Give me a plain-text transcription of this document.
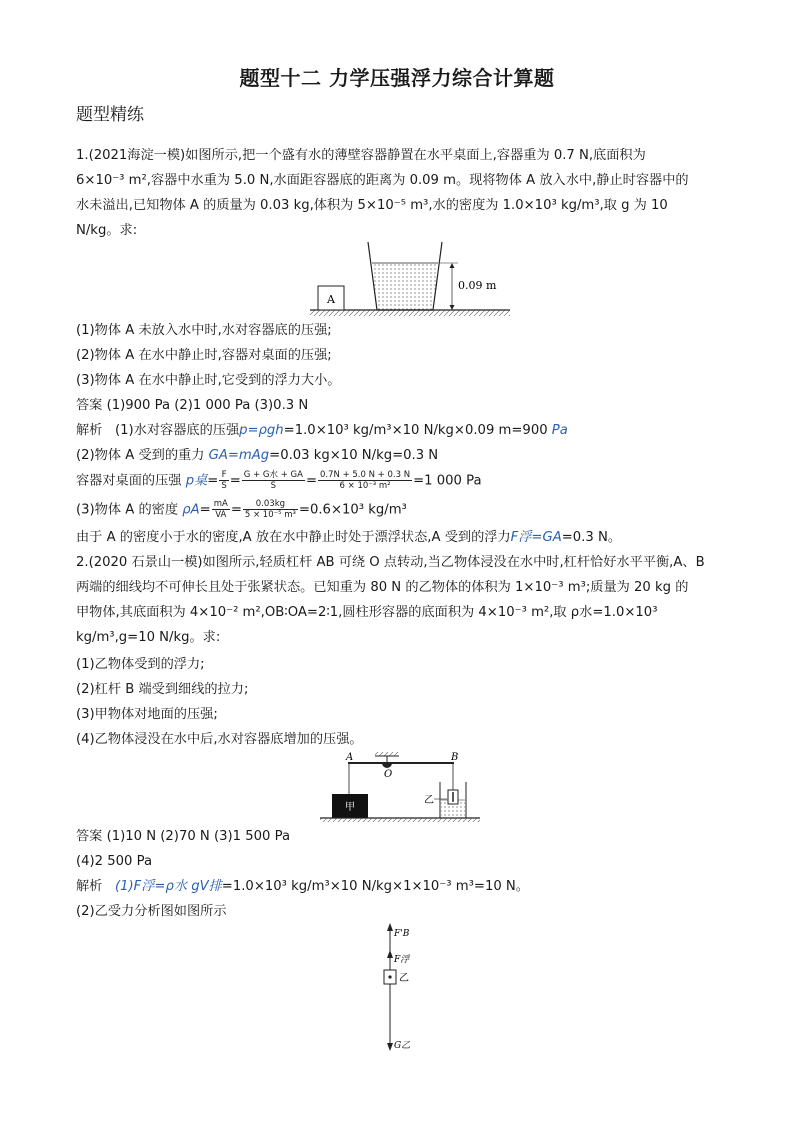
题型十二 力学压强浮力综合计算题
题型精练
1.(2021海淀一模)如图所示,把一个盛有水的薄壁容器静置在水平桌面上,容器重为 0.7 N,底面积为
6×10⁻³ m²,容器中水重为 5.0 N,水面距容器底的距离为 0.09 m。现将物体 A 放入水中,静止时容器中的
水未溢出,已知物体 A 的质量为 0.03 kg,体积为 5×10⁻⁵ m³,水的密度为 1.0×10³ kg/m³,取 g 为 10
N/kg。求:
A
0.09 m
(1)物体 A 未放入水中时,水对容器底的压强;
(2)物体 A 在水中静止时,容器对桌面的压强;
(3)物体 A 在水中静止时,它受到的浮力大小。
答案 (1)900 Pa (2)1 000 Pa (3)0.3 N
解析 (1)水对容器底的压强p=ρgh=1.0×10³ kg/m³×10 N/kg×0.09 m=900 Pa
(2)物体 A 受到的重力 GA=mAg=0.03 kg×10 N/kg=0.3 N
容器对桌面的压强 p桌= $\frac{F}{S} = \frac{\text{G + G水 + GA}}{S} = \frac{0.7N + 5.0 N + 0.3 N}{\text{6 × 10⁻³ m²}} =1$ 000 Pa
(3)物体 A 的密度 $\rho A= \frac{mA}{VA} = \frac{0.03kg}{\text{5 × 10⁻⁵ m³}} =0.6\times 10^3$ kg/m³
由于 A 的密度小于水的密度,A 放在水中静止时处于漂浮状态,A 受到的浮力F浮=GA=0.3 N。
2.(2020 石景山一模)如图所示,轻质杠杆 AB 可绕 O 点转动,当乙物体浸没在水中时,杠杆恰好水平平衡,A、B
两端的细线均不可伸长且处于张紧状态。已知重为 80 N 的乙物体的体积为 1×10⁻³ m³;质量为 20 kg 的
甲物体,其底面积为 4×10⁻² m²,OB∶OA=2∶1,圆柱形容器的底面积为 4×10⁻³ m²,取 ρ水=1.0×10³
kg/m³,g=10 N/kg。求:
(1)乙物体受到的浮力;
(2)杠杆 B 端受到细线的拉力;
(3)甲物体对地面的压强;
(4)乙物体浸没在水中后,水对容器底增加的压强。
A	B
O
甲
乙
答案 (1)10 N (2)70 N (3)1 500 Pa
(4)2 500 Pa
解析 (1)F浮=ρ水 gV排=1.0×10³ kg/m³×10 N/kg×1×10⁻³ m³=10 N。
(2)乙受力分析图如图所示
F'B
F浮
乙
G乙
